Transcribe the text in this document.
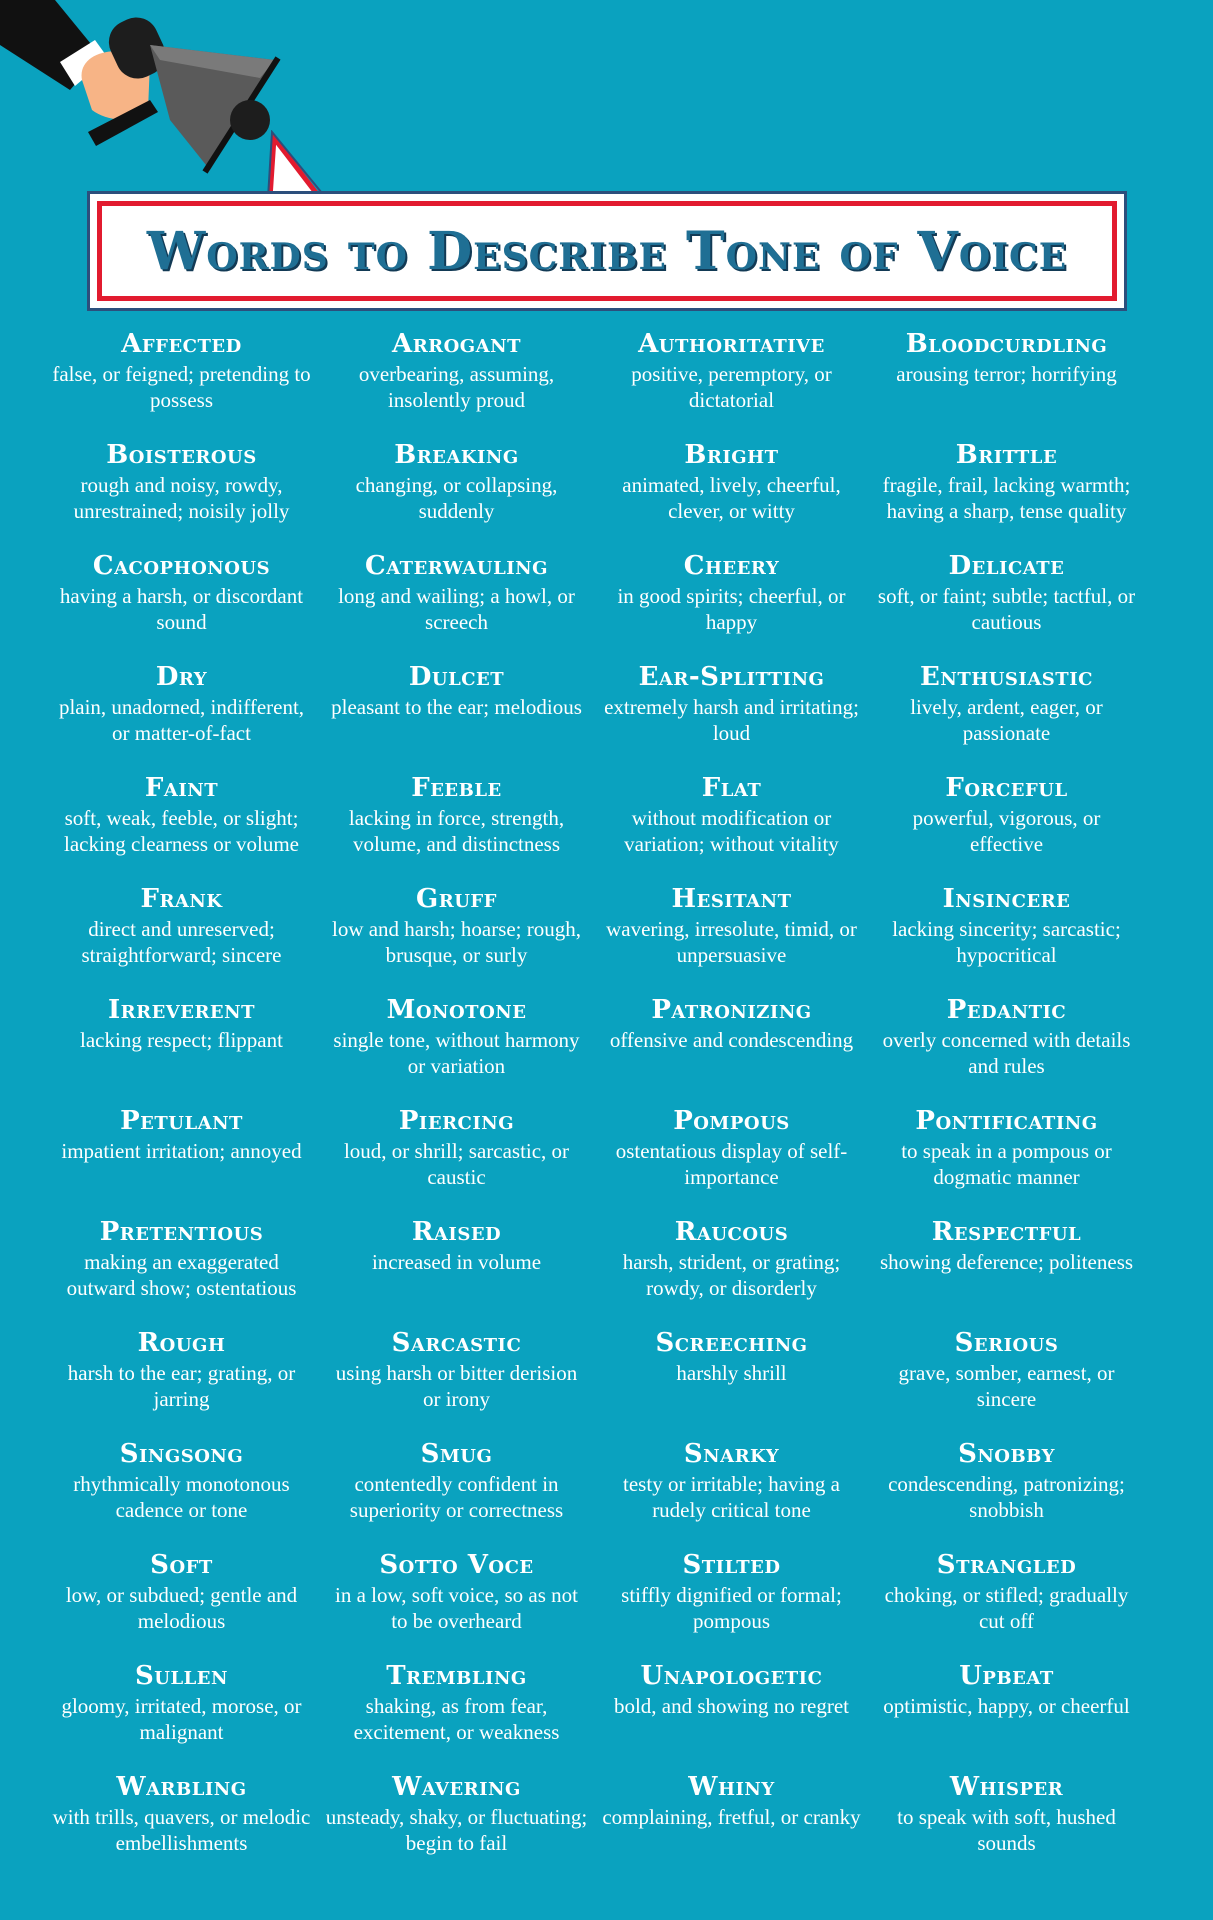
Words to Describe Tone of Voice
Affected
false, or feigned; pretending to possess
Arrogant
overbearing, assuming, insolently proud
Authoritative
positive, peremptory, or dictatorial
Bloodcurdling
arousing terror; horrifying
Boisterous
rough and noisy, rowdy, unrestrained; noisily jolly
Breaking
changing, or collapsing, suddenly
Bright
animated, lively, cheerful, clever, or witty
Brittle
fragile, frail, lacking warmth; having a sharp, tense quality
Cacophonous
having a harsh, or discordant sound
Caterwauling
long and wailing; a howl, or screech
Cheery
in good spirits; cheerful, or happy
Delicate
soft, or faint; subtle; tactful, or cautious
Dry
plain, unadorned, indifferent, or matter-of-fact
Dulcet
pleasant to the ear; melodious
Ear-Splitting
extremely harsh and irritating; loud
Enthusiastic
lively, ardent, eager, or passionate
Faint
soft, weak, feeble, or slight; lacking clearness or volume
Feeble
lacking in force, strength, volume, and distinctness
Flat
without modification or variation; without vitality
Forceful
powerful, vigorous, or effective
Frank
direct and unreserved; straightforward; sincere
Gruff
low and harsh; hoarse; rough, brusque, or surly
Hesitant
wavering, irresolute, timid, or unpersuasive
Insincere
lacking sincerity; sarcastic; hypocritical
Irreverent
lacking respect; flippant
Monotone
single tone, without harmony or variation
Patronizing
offensive and condescending
Pedantic
overly concerned with details and rules
Petulant
impatient irritation; annoyed
Piercing
loud, or shrill; sarcastic, or caustic
Pompous
ostentatious display of self-importance
Pontificating
to speak in a pompous or dogmatic manner
Pretentious
making an exaggerated outward show; ostentatious
Raised
increased in volume
Raucous
harsh, strident, or grating; rowdy, or disorderly
Respectful
showing deference; politeness
Rough
harsh to the ear; grating, or jarring
Sarcastic
using harsh or bitter derision or irony
Screeching
harshly shrill
Serious
grave, somber, earnest, or sincere
Singsong
rhythmically monotonous cadence or tone
Smug
contentedly confident in superiority or correctness
Snarky
testy or irritable; having a rudely critical tone
Snobby
condescending, patronizing; snobbish
Soft
low, or subdued; gentle and melodious
Sotto Voce
in a low, soft voice, so as not to be overheard
Stilted
stiffly dignified or formal; pompous
Strangled
choking, or stifled; gradually cut off
Sullen
gloomy, irritated, morose, or malignant
Trembling
shaking, as from fear, excitement, or weakness
Unapologetic
bold, and showing no regret
Upbeat
optimistic, happy, or cheerful
Warbling
with trills, quavers, or melodic embellishments
Wavering
unsteady, shaky, or fluctuating; begin to fail
Whiny
complaining, fretful, or cranky
Whisper
to speak with soft, hushed sounds
